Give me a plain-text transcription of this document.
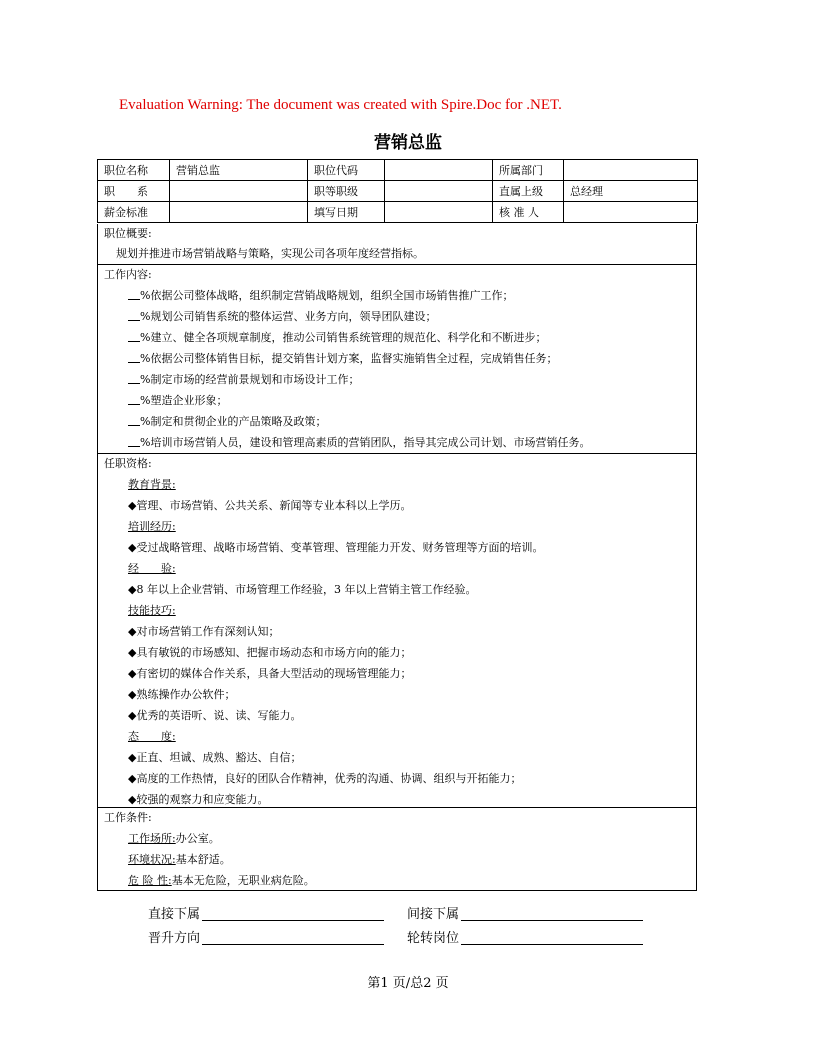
Evaluation Warning: The document was created with Spire.Doc for .NET.
营销总监
职位名称	营销总监	职位代码		所属部门	
职　　系		职等职级		直属上级	总经理
薪金标准		填写日期		核 准 人	
职位概要:
规划并推进市场营销战略与策略，实现公司各项年度经营指标。
工作内容:
%依据公司整体战略，组织制定营销战略规划，组织全国市场销售推广工作；
%规划公司销售系统的整体运营、业务方向，领导团队建设；
%建立、健全各项规章制度，推动公司销售系统管理的规范化、科学化和不断进步；
%依据公司整体销售目标，提交销售计划方案，监督实施销售全过程，完成销售任务；
%制定市场的经营前景规划和市场设计工作；
%塑造企业形象；
%制定和贯彻企业的产品策略及政策；
%培训市场营销人员，建设和管理高素质的营销团队，指导其完成公司计划、市场营销任务。
任职资格:
教育背景:
◆管理、市场营销、公共关系、新闻等专业本科以上学历。
培训经历:
◆受过战略管理、战略市场营销、变革管理、管理能力开发、财务管理等方面的培训。
经　　验:
◆8 年以上企业营销、市场管理工作经验，3 年以上营销主管工作经验。
技能技巧:
◆对市场营销工作有深刻认知；
◆具有敏锐的市场感知、把握市场动态和市场方向的能力；
◆有密切的媒体合作关系，具备大型活动的现场管理能力；
◆熟练操作办公软件；
◆优秀的英语听、说、读、写能力。
态　　度:
◆正直、坦诚、成熟、豁达、自信；
◆高度的工作热情，良好的团队合作精神，优秀的沟通、协调、组织与开拓能力；
◆较强的观察力和应变能力。
工作条件:
工作场所:办公室。
环境状况:基本舒适。
危 险 性:基本无危险，无职业病危险。
直接下属	间接下属
晋升方向	轮转岗位
第1 页/总2 页
